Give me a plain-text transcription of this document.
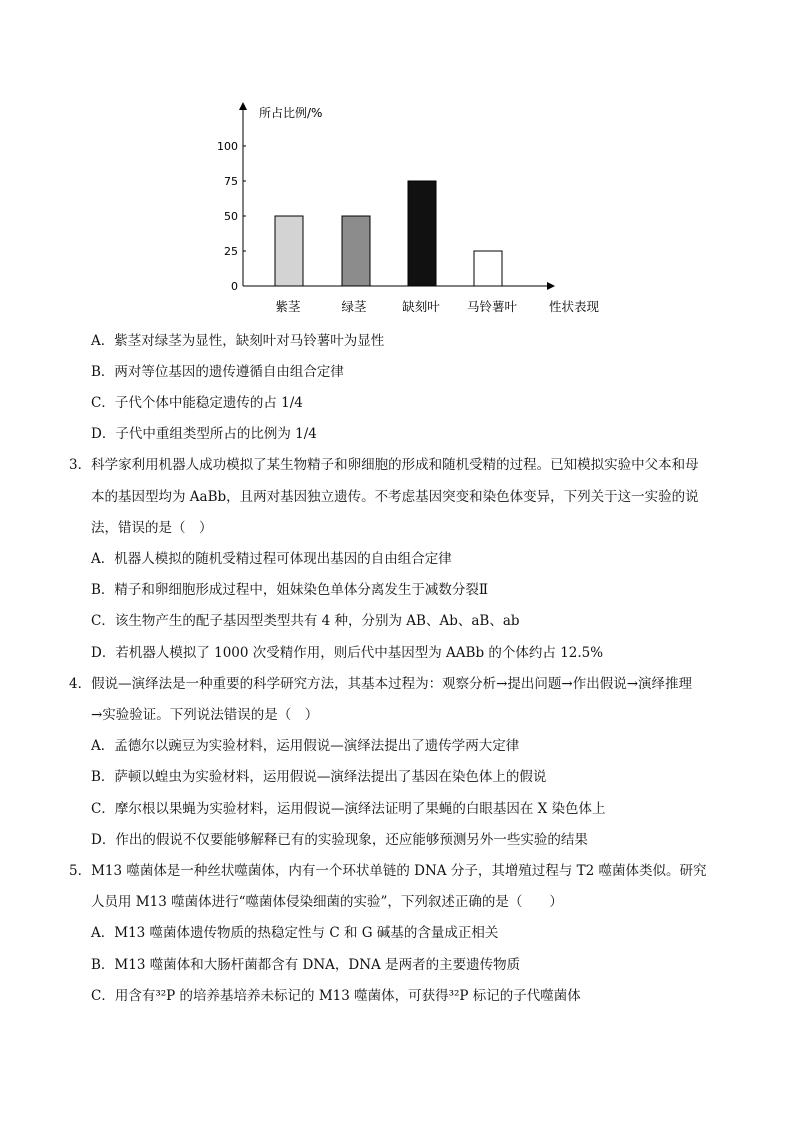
所占比例/%
0
25
50
75
100
紫茎	绿茎	缺刻叶 马铃薯叶	性状表现
A．紫茎对绿茎为显性，缺刻叶对马铃薯叶为显性
B．两对等位基因的遗传遵循自由组合定律
C．子代个体中能稳定遗传的占 1/4
D．子代中重组类型所占的比例为 1/4
3．科学家利用机器人成功模拟了某生物精子和卵细胞的形成和随机受精的过程。已知模拟实验中父本和母
本的基因型均为 AaBb，且两对基因独立遗传。不考虑基因突变和染色体变异，下列关于这一实验的说
法，错误的是（　）
A．机器人模拟的随机受精过程可体现出基因的自由组合定律
B．精子和卵细胞形成过程中，姐妹染色单体分离发生于减数分裂Ⅱ
C．该生物产生的配子基因型类型共有 4 种，分别为 AB、Ab、aB、ab
D．若机器人模拟了 1000 次受精作用，则后代中基因型为 AABb 的个体约占 12.5%
4．假说—演绎法是一种重要的科学研究方法，其基本过程为：观察分析→提出问题→作出假说→演绎推理
→实验验证。下列说法错误的是（　）
A．孟德尔以豌豆为实验材料，运用假说—演绎法提出了遗传学两大定律
B．萨顿以蝗虫为实验材料，运用假说—演绎法提出了基因在染色体上的假说
C．摩尔根以果蝇为实验材料，运用假说—演绎法证明了果蝇的白眼基因在 X 染色体上
D．作出的假说不仅要能够解释已有的实验现象，还应能够预测另外一些实验的结果
5．M13 噬菌体是一种丝状噬菌体，内有一个环状单链的 DNA 分子，其增殖过程与 T2 噬菌体类似。研究
人员用 M13 噬菌体进行“噬菌体侵染细菌的实验”，下列叙述正确的是（　　）
A．M13 噬菌体遗传物质的热稳定性与 C 和 G 碱基的含量成正相关
B．M13 噬菌体和大肠杆菌都含有 DNA，DNA 是两者的主要遗传物质
C．用含有³²P 的培养基培养未标记的 M13 噬菌体，可获得³²P 标记的子代噬菌体
